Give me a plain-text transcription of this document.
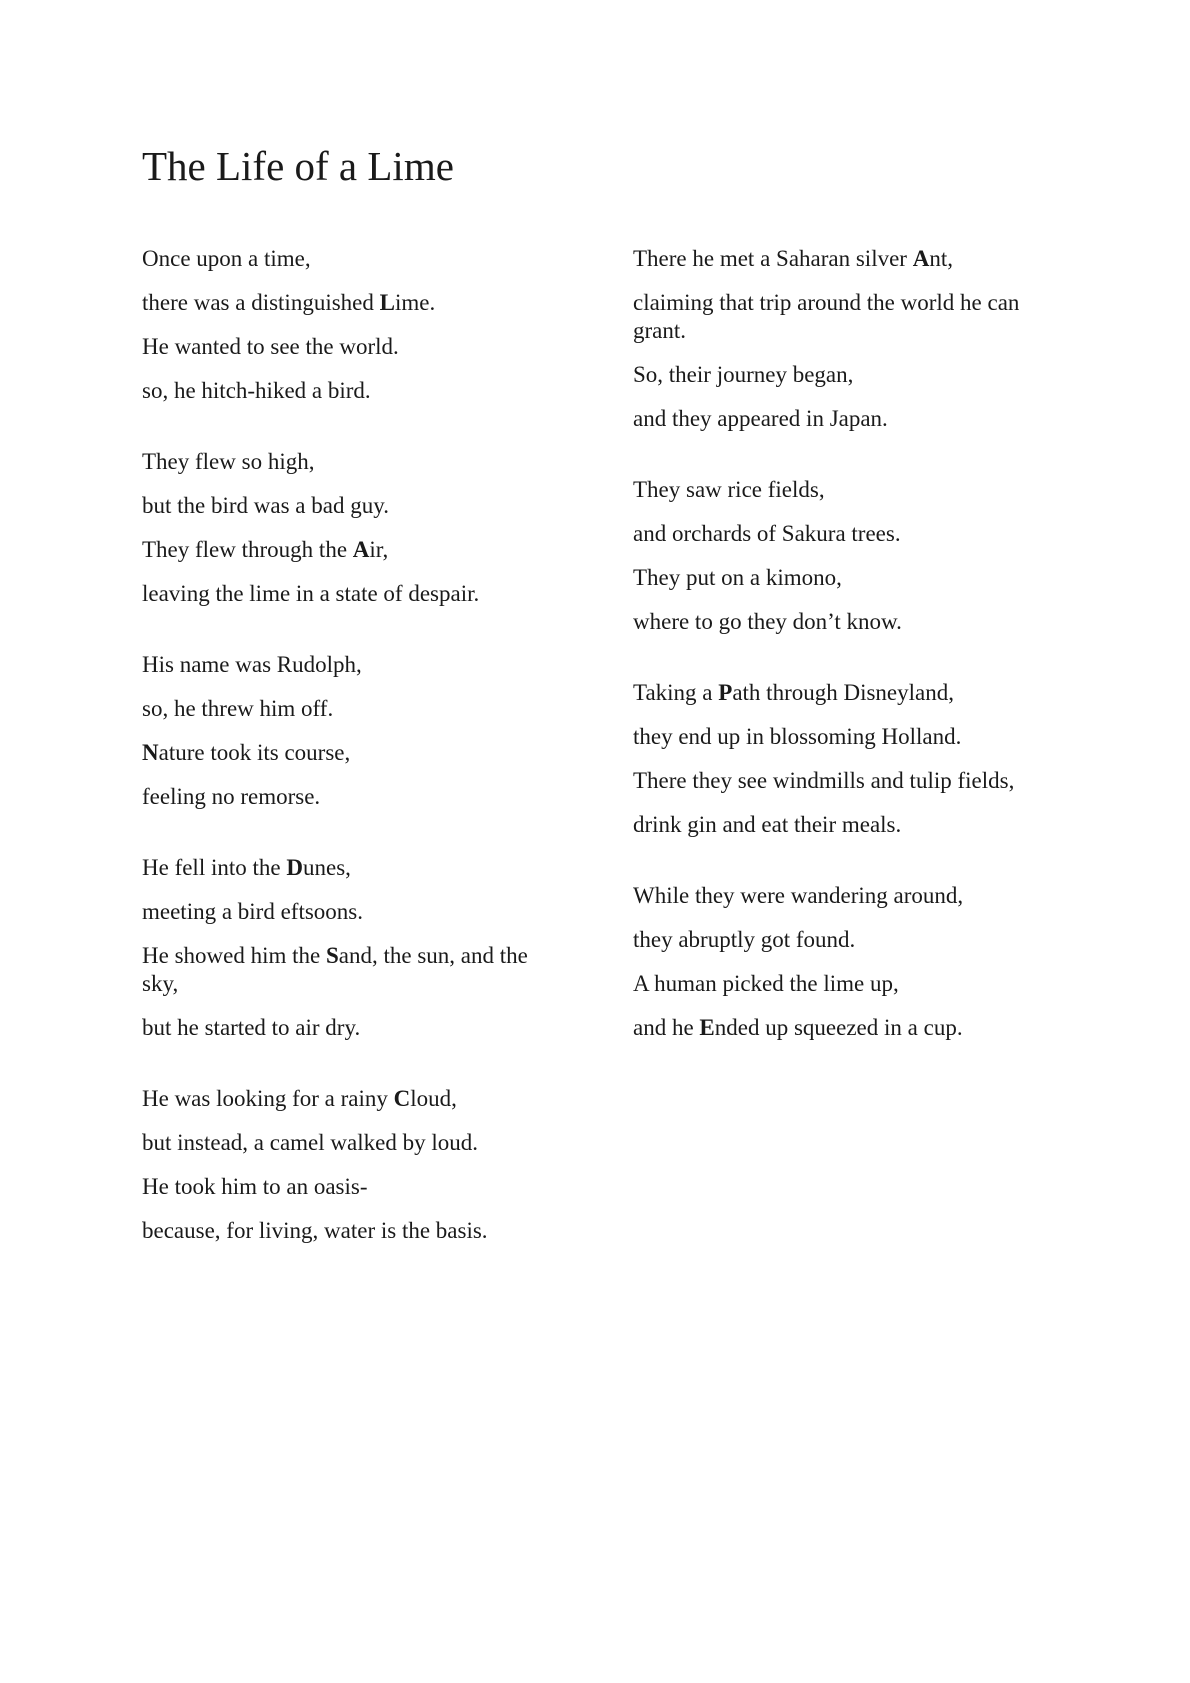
The Life of a Lime

Once upon a time,

there was a distinguished Lime.

He wanted to see the world.

so, he hitch-hiked a bird.

They flew so high,

but the bird was a bad guy.

They flew through the Air,

leaving the lime in a state of despair.

His name was Rudolph,

so, he threw him off.

Nature took its course,

feeling no remorse.

He fell into the Dunes,

meeting a bird eftsoons.

He showed him the Sand, the sun, and the sky,

but he started to air dry.

He was looking for a rainy Cloud,

but instead, a camel walked by loud.

He took him to an oasis-

because, for living, water is the basis.

There he met a Saharan silver Ant,

claiming that trip around the world he can grant.

So, their journey began,

and they appeared in Japan.

They saw rice fields,

and orchards of Sakura trees.

They put on a kimono,

where to go they don’t know.

Taking a Path through Disneyland,

they end up in blossoming Holland.

There they see windmills and tulip fields,

drink gin and eat their meals.

While they were wandering around,

they abruptly got found.

A human picked the lime up,

and he Ended up squeezed in a cup.
